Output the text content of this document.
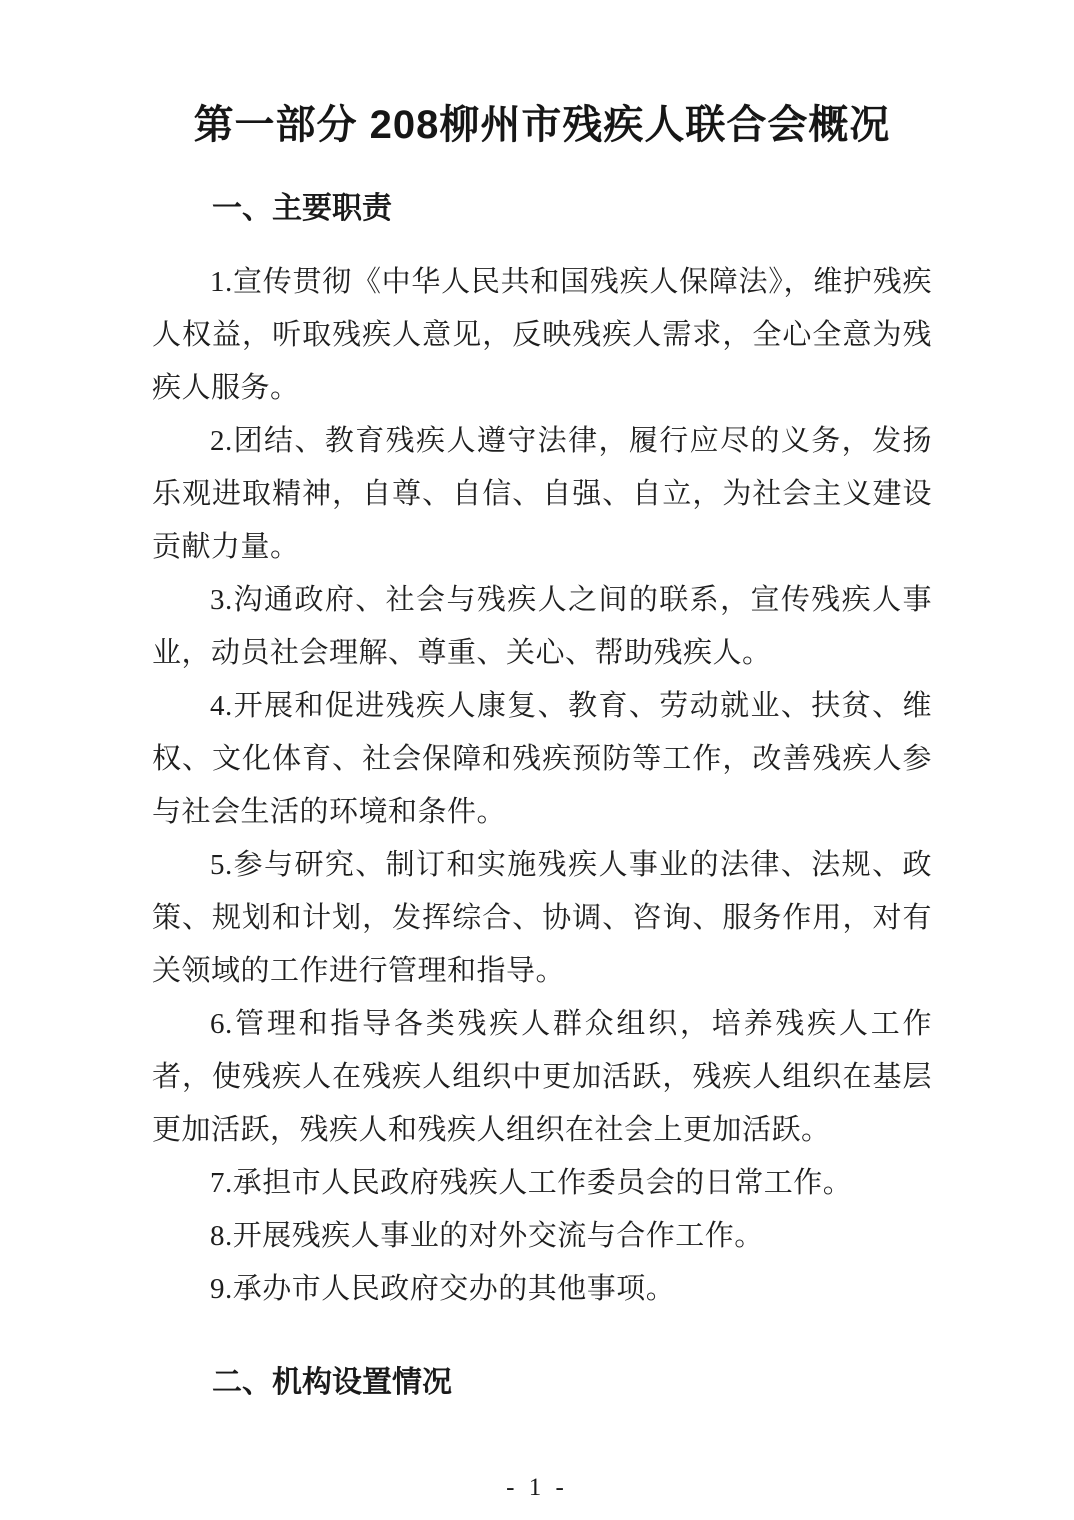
第一部分 208柳州市残疾人联合会概况
一、主要职责

1.宣传贯彻《中华人民共和国残疾人保障法》，维护残疾人权益，听取残疾人意见，反映残疾人需求，全心全意为残疾人服务。

2.团结、教育残疾人遵守法律，履行应尽的义务，发扬乐观进取精神，自尊、自信、自强、自立，为社会主义建设贡献力量。

3.沟通政府、社会与残疾人之间的联系，宣传残疾人事业，动员社会理解、尊重、关心、帮助残疾人。

4.开展和促进残疾人康复、教育、劳动就业、扶贫、维权、文化体育、社会保障和残疾预防等工作，改善残疾人参与社会生活的环境和条件。

5.参与研究、制订和实施残疾人事业的法律、法规、政策、规划和计划，发挥综合、协调、咨询、服务作用，对有关领域的工作进行管理和指导。

6.管理和指导各类残疾人群众组织，培养残疾人工作者，使残疾人在残疾人组织中更加活跃，残疾人组织在基层更加活跃，残疾人和残疾人组织在社会上更加活跃。

7.承担市人民政府残疾人工作委员会的日常工作。

8.开展残疾人事业的对外交流与合作工作。

9.承办市人民政府交办的其他事项。

二、机构设置情况
- 1 -
